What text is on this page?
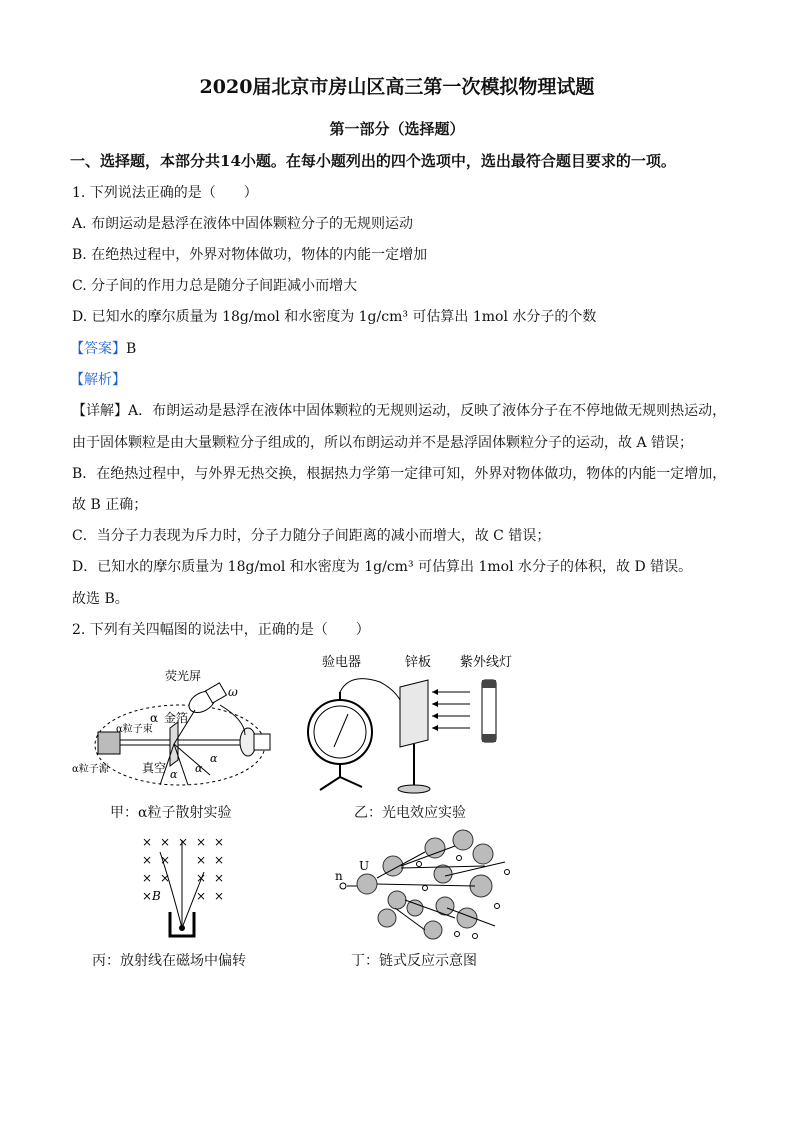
2020届北京市房山区高三第一次模拟物理试题
第一部分（选择题）
一、选择题，本部分共14小题。在每小题列出的四个选项中，选出最符合题目要求的一项。
1. 下列说法正确的是（　　）
A. 布朗运动是悬浮在液体中固体颗粒分子的无规则运动
B. 在绝热过程中，外界对物体做功，物体的内能一定增加
C. 分子间的作用力总是随分子间距减小而增大
D. 已知水的摩尔质量为 18g/mol 和水密度为 1g/cm³ 可估算出 1mol 水分子的个数
【答案】B
【解析】
【详解】A．布朗运动是悬浮在液体中固体颗粒的无规则运动，反映了液体分子在不停地做无规则热运动，
由于固体颗粒是由大量颗粒分子组成的，所以布朗运动并不是悬浮固体颗粒分子的运动，故 A 错误；
B．在绝热过程中，与外界无热交换，根据热力学第一定律可知，外界对物体做功，物体的内能一定增加，
故 B 正确；
C．当分子力表现为斥力时，分子力随分子间距离的减小而增大，故 C 错误；
D．已知水的摩尔质量为 18g/mol 和水密度为 1g/cm³ 可估算出 1mol 水分子的体积，故 D 错误。
故选 B。
2. 下列有关四幅图的说法中，正确的是（　　）
荧光屏
ω
α 金箔
α粒子束
α粒子源	真空 α α
α
甲：α粒子散射实验
验电器	锌板 紫外线灯
乙：光电效应实验
× × × × ×
× × × ×
× × × ×
×	× ×
B
丙：放射线在磁场中偏转
n
U
丁：链式反应示意图
